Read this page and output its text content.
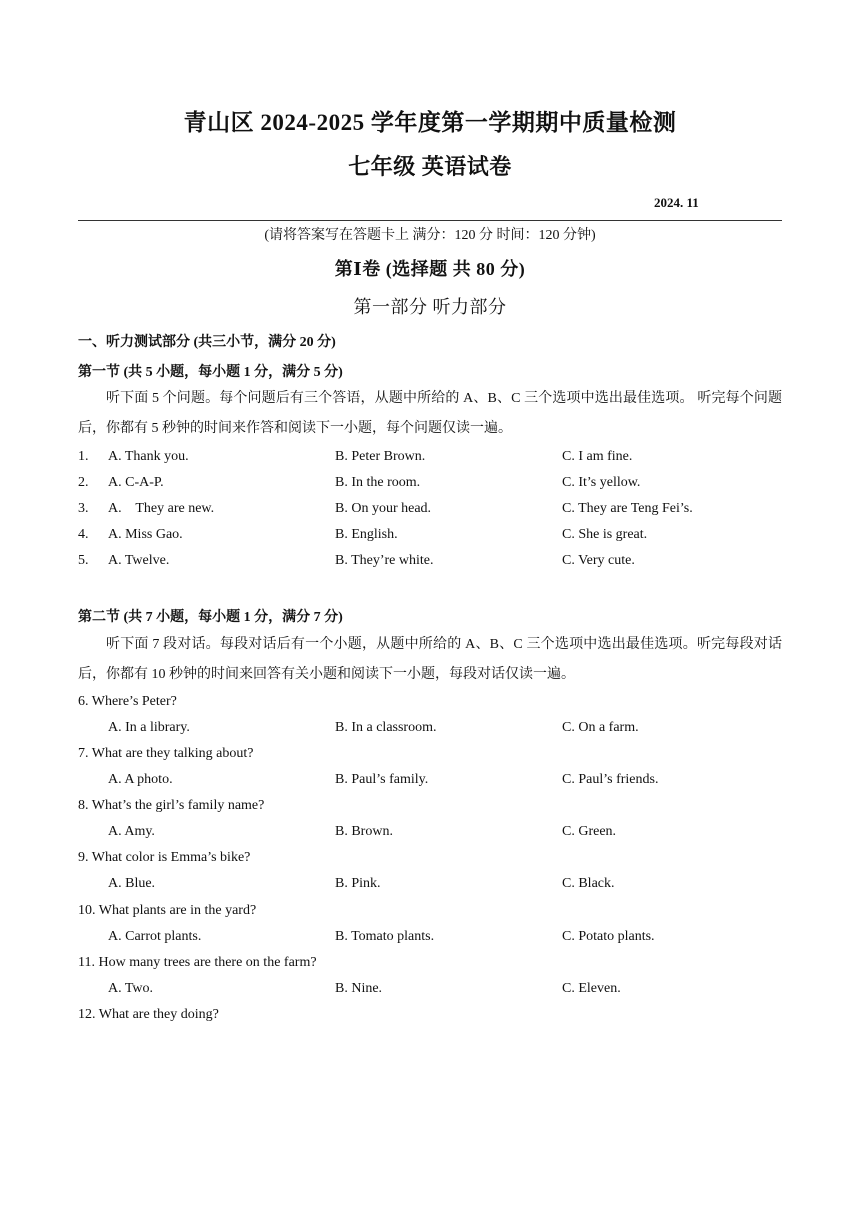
青山区 2024-2025 学年度第一学期期中质量检测
七年级 英语试卷
2024. 11
(请将答案写在答题卡上 满分：120 分 时间：120 分钟)
第Ⅰ卷 (选择题 共 80 分)
第一部分 听力部分
一、听力测试部分 (共三小节，满分 20 分)
第一节 (共 5 小题，每小题 1 分，满分 5 分)
听下面 5 个问题。每个问题后有三个答语，从题中所给的 A、B、C 三个选项中选出最佳选项。 听完每个问题后，你都有 5 秒钟的时间来作答和阅读下一小题，每个问题仅读一遍。
1. A. Thank you.	B. Peter Brown.	C. I am fine.
2. A. C-A-P.	B. In the room.	C. It’s yellow.
3. A.    They are new.	B. On your head.	C. They are Teng Fei’s.
4. A. Miss Gao.	B. English.	C. She is great.
5. A. Twelve.	B. They’re white.	C. Very cute.
第二节 (共 7 小题，每小题 1 分，满分 7 分)
听下面 7 段对话。每段对话后有一个小题，从题中所给的 A、B、C 三个选项中选出最佳选项。听完每段对话后，你都有 10 秒钟的时间来回答有关小题和阅读下一小题，每段对话仅读一遍。
6. Where’s Peter?
A. In a library.	B. In a classroom.	C. On a farm.
7. What are they talking about?
A. A photo.	B. Paul’s family.	C. Paul’s friends.
8. What’s the girl’s family name?
A. Amy.	B. Brown.	C. Green.
9. What color is Emma’s bike?
A. Blue.	B. Pink.	C. Black.
10. What plants are in the yard?
A. Carrot plants.	B. Tomato plants.	C. Potato plants.
11. How many trees are there on the farm?
A. Two.	B. Nine.	C. Eleven.
12. What are they doing?
